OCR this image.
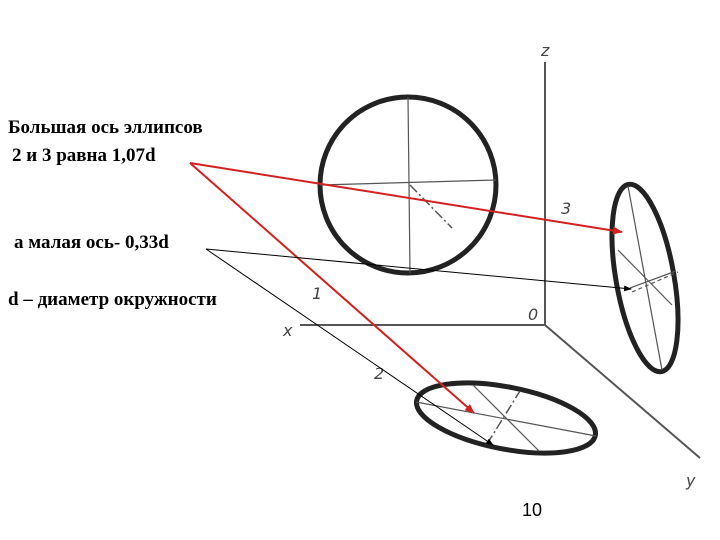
z
x
y
0
1
2
3

Большая ось эллипсов

2 и 3 равна 1,07d

а малая ось- 0,33d

d – диаметр окружности

10
